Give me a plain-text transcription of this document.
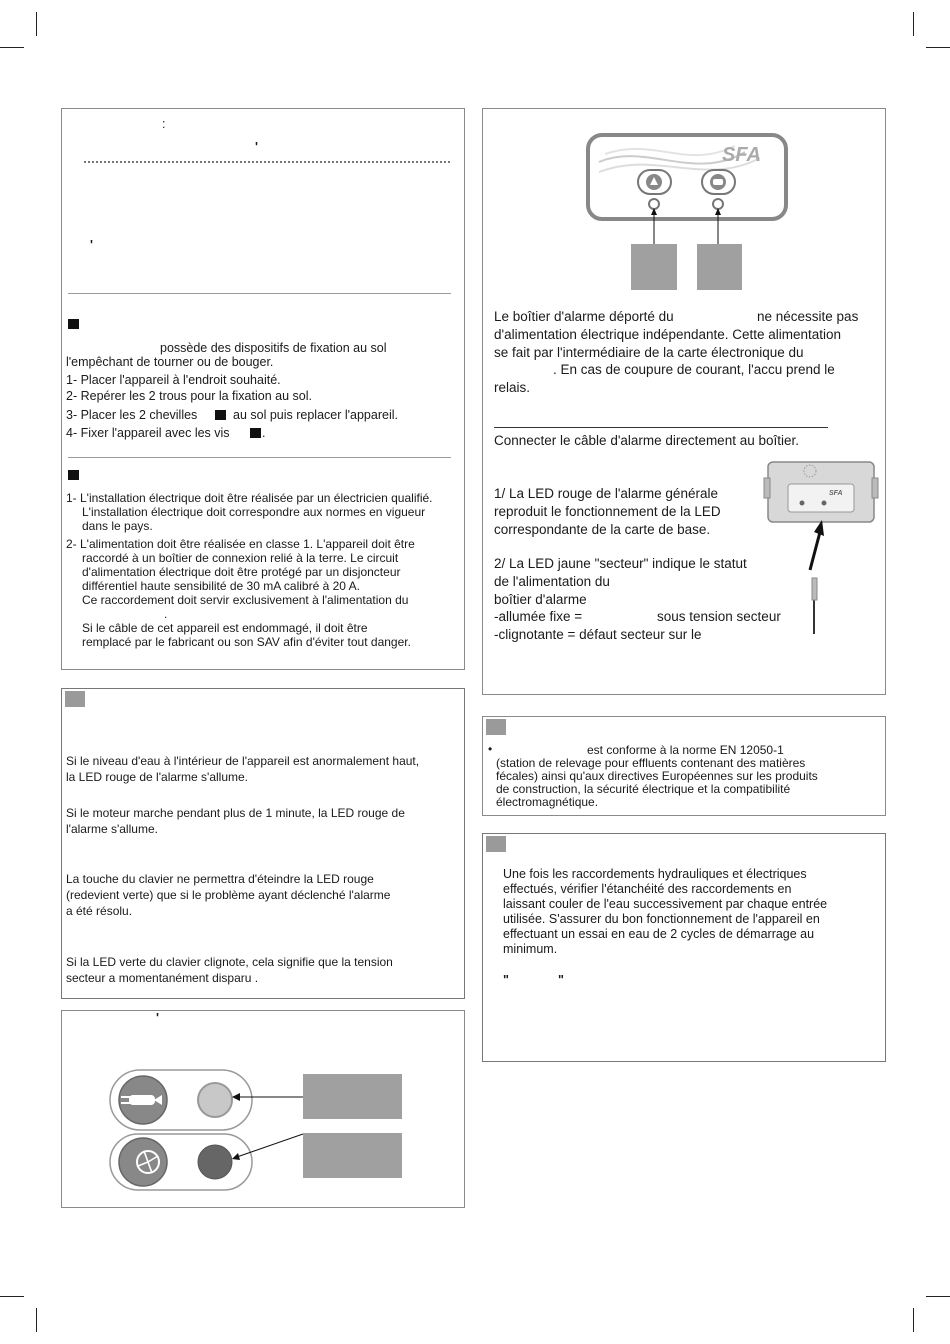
:
'
'
possède des dispositifs de fixation au sol
l'empêchant de tourner ou de bouger.
1- Placer l'appareil à l'endroit souhaité.
2- Repérer les 2 trous pour la fixation au sol.
3- Placer les 2 chevilles	au sol puis replacer l'appareil.
4- Fixer l'appareil avec les vis	.
1- L'installation électrique doit être réalisée par un électricien qualifié.
L'installation électrique doit correspondre aux normes en vigueur
dans le pays.
2- L'alimentation doit être réalisée en classe 1. L'appareil doit être
raccordé à un boîtier de connexion relié à la terre. Le circuit
d'alimentation électrique doit être protégé par un disjoncteur
différentiel haute sensibilité de 30 mA calibré à 20 A.
Ce raccordement doit servir exclusivement à l'alimentation du
.
Si le câble de cet appareil est endommagé, il doit être
remplacé par le fabricant ou son SAV afin d'éviter tout danger.
Si le niveau d'eau à l'intérieur de l'appareil est anormalement haut,
la LED rouge de l'alarme s'allume.
Si le moteur marche pendant plus de 1 minute, la LED rouge de
l'alarme s'allume.
La touche du clavier ne permettra d'éteindre la LED rouge
(redevient verte) que si le problème ayant déclenché l'alarme
a été résolu.
Si la LED verte du clavier clignote, cela signifie que la tension
secteur a momentanément disparu .
'
SFA
Le boîtier d'alarme déporté du	ne nécessite pas
d'alimentation électrique indépendante. Cette alimentation
se fait par l'intermédiaire de la carte électronique du
. En cas de coupure de courant, l'accu prend le
relais.
Connecter le câble d'alarme directement au boîtier.
1/ La LED rouge de l'alarme générale
reproduit le fonctionnement de la LED
correspondante de la carte de base.
2/ La LED jaune "secteur" indique le statut
de l'alimentation du
boîtier d'alarme
-allumée fixe =	sous tension secteur
-clignotante = défaut secteur sur le
SFA
•	est conforme à la norme EN 12050-1
(station de relevage pour effluents contenant des matières
fécales) ainsi qu'aux directives Européennes sur les produits
de construction, la sécurité électrique et la compatibilité
électromagnétique.
Une fois les raccordements hydrauliques et électriques
effectués, vérifier l'étanchéité des raccordements en
laissant couler de l'eau successivement par chaque entrée
utilisée. S'assurer du bon fonctionnement de l'appareil en
effectuant un essai en eau de 2 cycles de démarrage au
minimum.
"	"
